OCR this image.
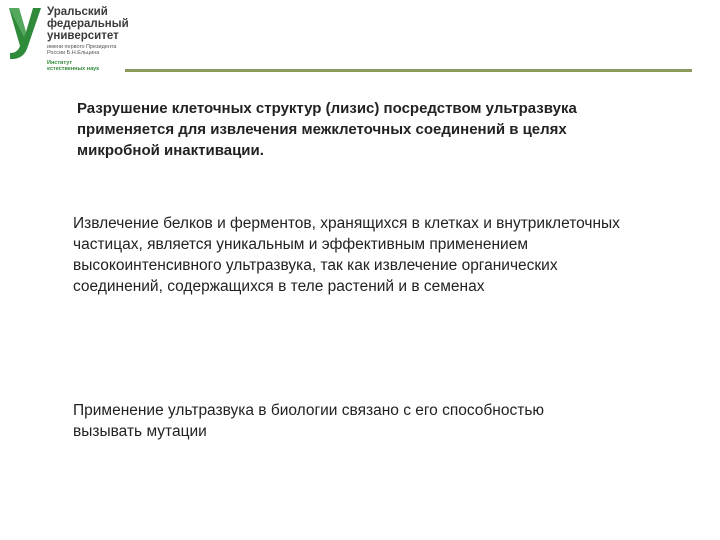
Уральский
федеральный
университет
имени первого Президента
России Б.Н.Ельцина
Институт
естественных наук

Разрушение клеточных структур (лизис) посредством ультразвука применяется для извлечения межклеточных соединений в целях микробной инактивации.

Извлечение белков и ферментов, хранящихся в клетках и внутриклеточных частицах, является уникальным и эффективным применением высокоинтенсивного ультразвука, так как извлечение органических соединений, содержащихся в теле растений и в семенах

Применение ультразвука в биологии связано с его способностью вызывать мутации
